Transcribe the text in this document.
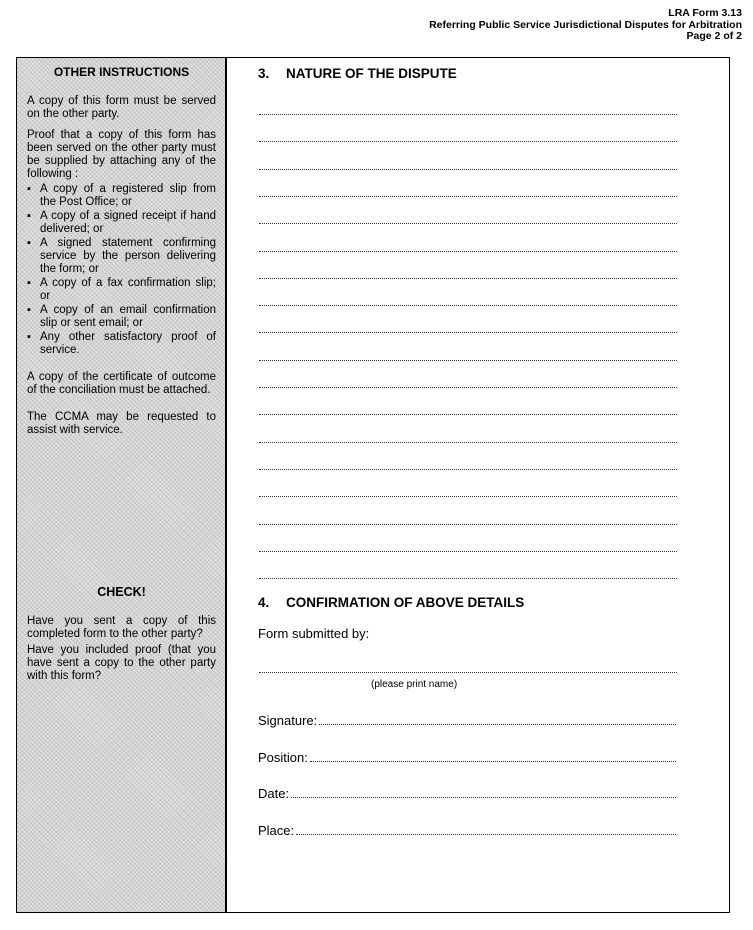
LRA Form 3.13
Referring Public Service Jurisdictional Disputes for Arbitration
Page 2 of 2
OTHER INSTRUCTIONS

A copy of this form must be served on the other party.

Proof that a copy of this form has been served on the other party must be supplied by attaching any of the following :

▪ A copy of a registered slip from the Post Office; or
▪ A copy of a signed receipt if hand delivered; or
▪ A signed statement confirming service by the person delivering the form; or
▪ A copy of a fax confirmation slip; or
▪ A copy of an email confirmation slip or sent email; or
▪ Any other satisfactory proof of service.

A copy of the certificate of outcome of the conciliation must be attached.

The CCMA may be requested to assist with service.

CHECK!

Have you sent a copy of this completed form to the other party?

Have you included proof (that you have sent a copy to the other party with this form?

3. NATURE OF THE DISPUTE
4. CONFIRMATION OF ABOVE DETAILS
Form submitted by:
(please print name)
Signature:
Position:
Date:
Place:
